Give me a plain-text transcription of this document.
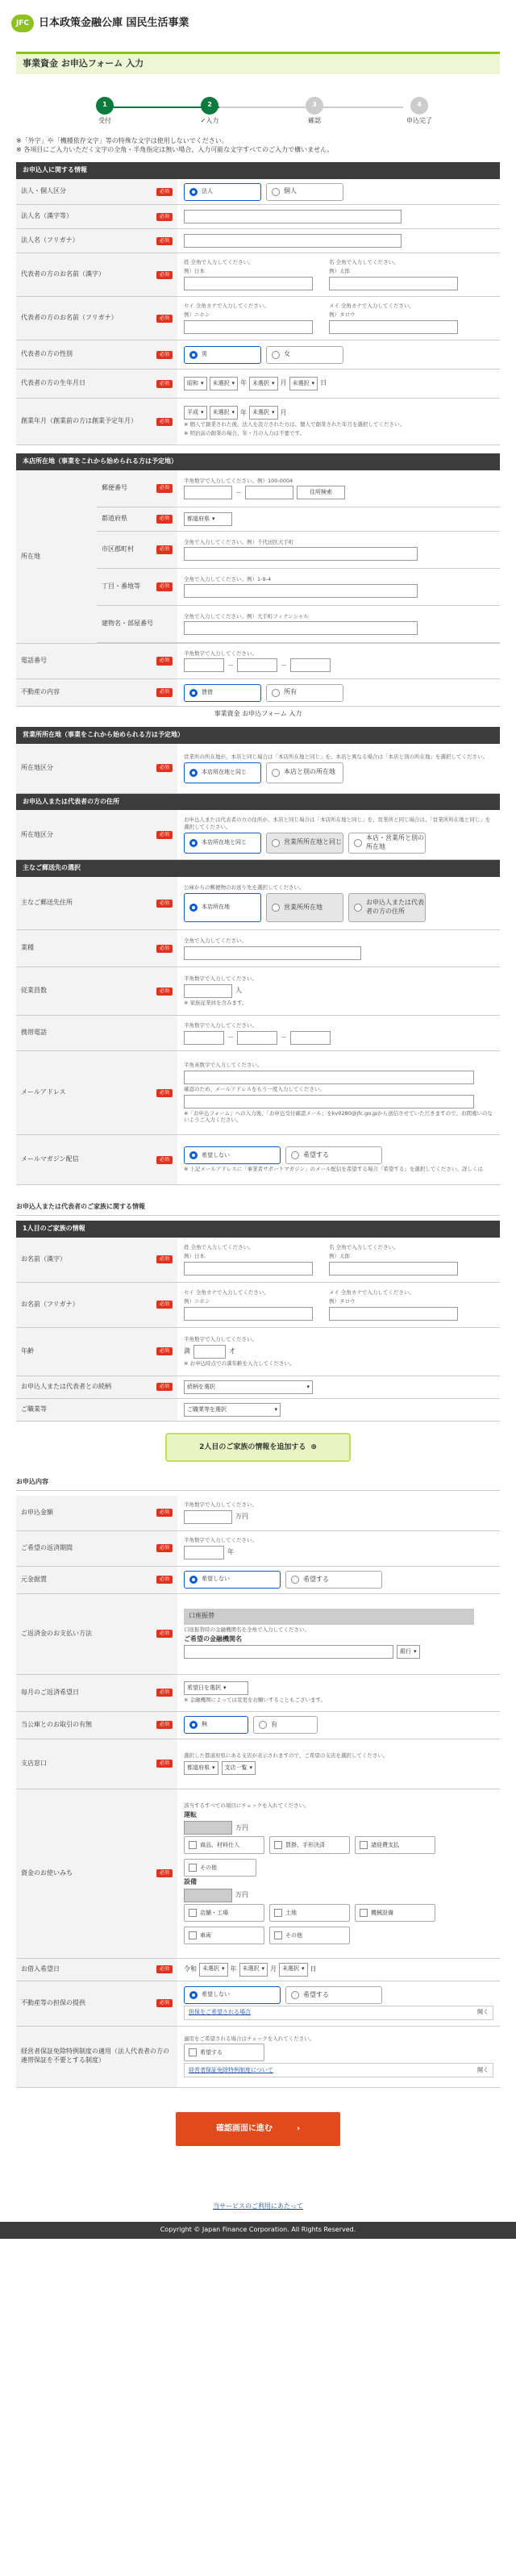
JFC 日本政策金融公庫 国民生活事業
事業資金 お申込フォーム 入力
1
受付
2
✓入力
3
確認
4
申込完了
※「外字」や「機種依存文字」等の特殊な文字は使用しないでください。
※ 各項目にご入力いただく文字の全角・半角指定は無い場合、入力可能な文字すべてのご入力で構いません。
お申込人に関する情報
法人・個人区分	必須	法人	個人
法人名（漢字等）	必須
法人名（フリガナ）	必須
代表者の方のお名前（漢字）	必須
姓 全角で入力してください。
例）日本
名 全角で入力してください。
例）太郎
代表者の方のお名前（フリガナ）	必須
セイ 全角カナで入力してください。
例）ニホン
メイ 全角カナで入力してください。
例）タロウ
代表者の方の性別	必須	男	女
代表者の方の生年月日	必須	昭和 ▾	未選択 ▾ 年 未選択 ▾ 月 未選択 ▾ 日
創業年月（創業前の方は創業予定年月）	必須
平成 ▾	未選択 ▾ 年 未選択 ▾ 月
※ 個人で創業された後、法人を設立された方は、個人で創業された年月を選択してください。
※ 明治前の創業の場合、年・月の入力は不要です。
本店所在地（事業をこれから始められる方は予定地）
所在地
郵便番号	必須
半角数字で入力してください。例）100-0004
－	住所検索
都道府県	必須	都道府県 ▾
市区郡町村	必須
全角で入力してください。例）千代田区大手町
丁目・番地等	必須
全角で入力してください。例）1-9-4
建物名・部屋番号
全角で入力してください。例）大手町フィナンシャル
電話番号	必須
半角数字で入力してください。
－	－
不動産の内容	必須	賃借	所有
事業資金 お申込フォーム 入力
営業所所在地（事業をこれから始められる方は予定地）
所在地区分	必須
営業所の所在地が、本店と同じ場合は「本店所在地と同じ」を、本店と異なる場合は「本店と別の所在地」を選択してください。
本店所在地と同じ	本店と別の所在地
お申込人または代表者の方の住所
所在地区分	必須
お申込人または代表者の方の住所が、本店と同じ場合は「本店所在地と同じ」を、営業所と同じ場合は、「営業所所在地と同じ」を選択してください。
本店所在地と同じ	営業所所在地と同じ
本店・営業所と別の所在地
主なご郵送先の選択
主なご郵送先住所	必須
公庫からの郵便物のお送り先を選択してください。
本店所在地	営業所所在地
お申込人または代表者の方の住所
業種	必須
全角で入力してください。
従業員数	必須
半角数字で入力してください。
人
※ 家族従業員を含みます。
携帯電話
半角数字で入力してください。
－	－
メールアドレス	必須
半角英数字で入力してください。
確認のため、メールアドレスをもう一度入力してください。
※「お申込フォーム」への入力後、「お申込受付確認メール」をkv0280@jfc.go.jpから送信させていただきますので、お間違いのないようご入力ください。
メールマガジン配信	必須
希望しない	希望する
※ 上記メールアドレスに「事業者サポートマガジン」のメール配信を希望する場合「希望する」を選択してください。詳しくは
お申込人または代表者のご家族に関する情報
1人目のご家族の情報
お名前（漢字）	必須
姓 全角で入力してください。
例）日本
名 全角で入力してください。
例）太郎
お名前（フリガナ）	必須
セイ 全角カナで入力してください。
例）ニホン
メイ 全角カナで入力してください。
例）タロウ
年齢	必須
半角数字で入力してください。
満	才
※ お申込時点での満年齢を入力してください。
お申込人または代表者との続柄	必須	続柄を選択	▾
ご職業等	ご職業等を選択	▾
2人目のご家族の情報を追加する ⊕
お申込内容
お申込金額	必須
半角数字で入力してください。
万円
ご希望の返済期間	必須
半角数字で入力してください。
年
元金据置	必須	希望しない	希望する
ご返済金のお支払い方法	必須
口座振替
口座振替時の金融機関名を全角で入力してください。
ご希望の金融機関名
銀行 ▾
毎月のご返済希望日	必須
希望日を選択 ▾
※ 金融機関によっては変更をお願いすることもございます。
当公庫とのお取引の有無	必須	無	有
支店窓口	必須
選択した都道府県にある支店が表示されますので、ご希望の支店を選択してください。
都道府県 ▾	支店一覧 ▾
資金のお使いみち	必須
該当するすべての項目にチェックを入れてください。
運転
万円
商品、材料仕入	買掛、手形決済	諸経費支払
その他
設備
万円
店舗・工場	土地	機械設備
車両	その他
お借入希望日	必須	令和 未選択 ▾ 年 未選択 ▾ 月 未選択 ▾ 日
不動産等の担保の提供	必須
希望しない	希望する
担保をご希望される場合	開く
経営者保証免除特例制度の適用（法人代表者の方の連帯保証を不要とする制度）
適用をご希望される場合はチェックを入れてください。
希望する
経営者保証免除特例制度について	開く
確認画面に進む	›
当サービスのご利用にあたって
Copyright © Japan Finance Corporation. All Rights Reserved.
